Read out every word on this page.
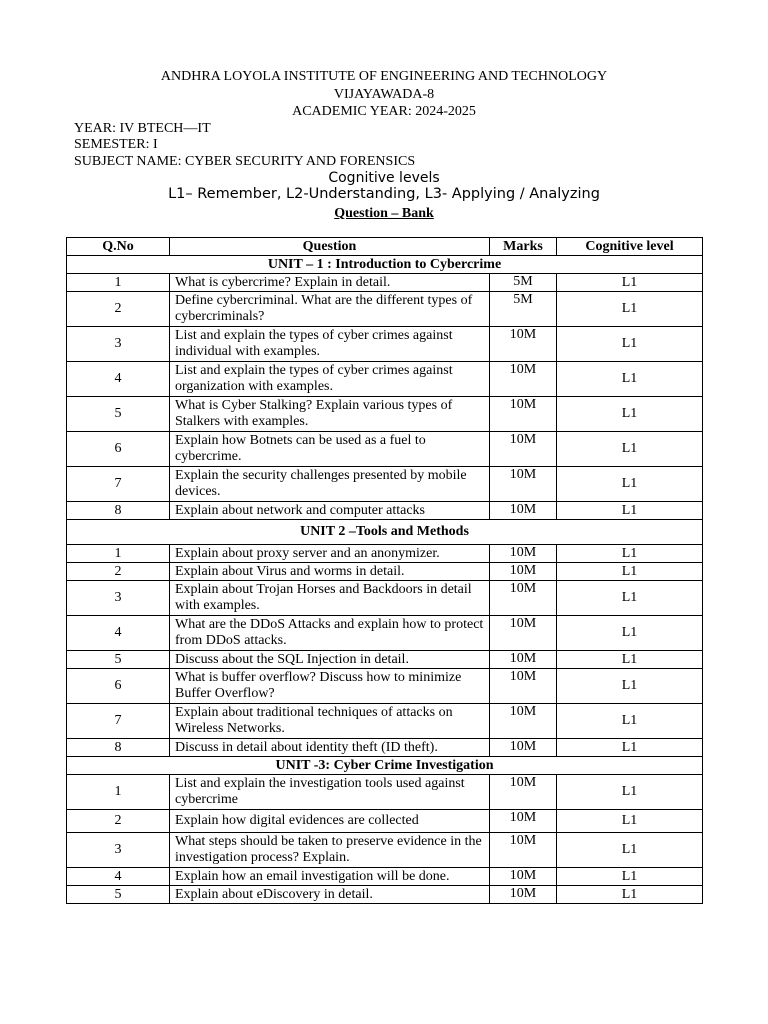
ANDHRA LOYOLA INSTITUTE OF ENGINEERING AND TECHNOLOGY
VIJAYAWADA-8
ACADEMIC YEAR: 2024-2025
YEAR: IV BTECH—IT
SEMESTER: I
SUBJECT NAME: CYBER SECURITY AND FORENSICS
Cognitive levels
L1– Remember, L2-Understanding, L3- Applying / Analyzing
Question – Bank
Q.No	Question	Marks	Cognitive level
UNIT – 1 : Introduction to Cybercrime			
1	What is cybercrime? Explain in detail.	5M	L1
2	Define cybercriminal. What are the different types of cybercriminals?	5M	L1
3	List and explain the types of cyber crimes against individual with examples.	10M	L1
4	List and explain the types of cyber crimes against organization with examples.	10M	L1
5	What is Cyber Stalking? Explain various types of Stalkers with examples.	10M	L1
6	Explain how Botnets can be used as a fuel to cybercrime.	10M	L1
7	Explain the security challenges presented by mobile devices.	10M	L1
8	Explain about network and computer attacks	10M	L1
UNIT 2 –Tools and Methods			
1	Explain about proxy server and an anonymizer.	10M	L1
2	Explain about Virus and worms in detail.	10M	L1
3	Explain about Trojan Horses and Backdoors in detail with examples.	10M	L1
4	What are the DDoS Attacks and explain how to protect from DDoS attacks.	10M	L1
5	Discuss about the SQL Injection in detail.	10M	L1
6	What is buffer overflow? Discuss how to minimize Buffer Overflow?	10M	L1
7	Explain about traditional techniques of attacks on Wireless Networks.	10M	L1
8	Discuss in detail about identity theft (ID theft).	10M	L1
UNIT -3: Cyber Crime Investigation			
1	List and explain the investigation tools used against cybercrime	10M	L1
2	Explain how digital evidences are collected	10M	L1
3	What steps should be taken to preserve evidence in the investigation process? Explain.	10M	L1
4	Explain how an email investigation will be done.	10M	L1
5	Explain about eDiscovery in detail.	10M	L1
